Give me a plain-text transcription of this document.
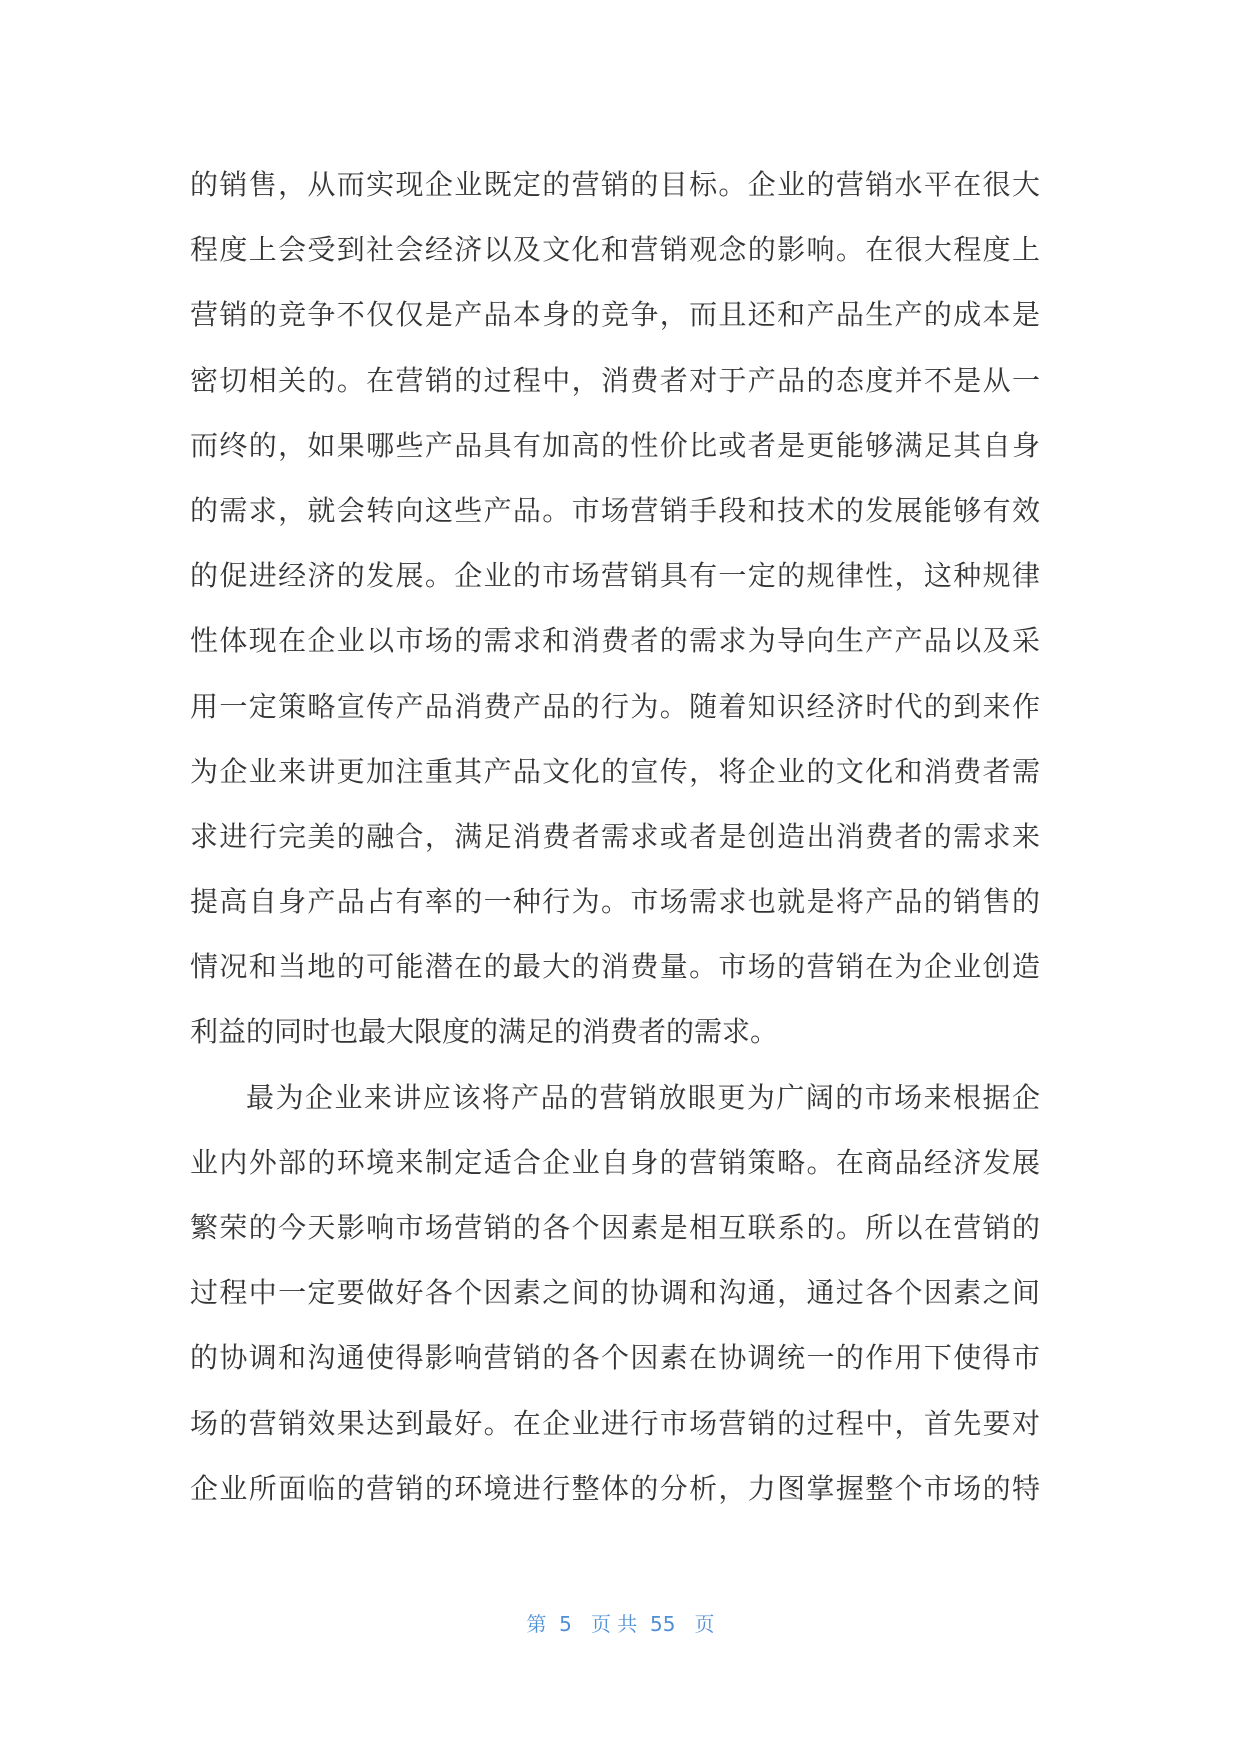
的销售，从而实现企业既定的营销的目标。企业的营销水平在很大
程度上会受到社会经济以及文化和营销观念的影响。在很大程度上
营销的竞争不仅仅是产品本身的竞争，而且还和产品生产的成本是
密切相关的。在营销的过程中，消费者对于产品的态度并不是从一
而终的，如果哪些产品具有加高的性价比或者是更能够满足其自身
的需求，就会转向这些产品。市场营销手段和技术的发展能够有效
的促进经济的发展。企业的市场营销具有一定的规律性，这种规律
性体现在企业以市场的需求和消费者的需求为导向生产产品以及采
用一定策略宣传产品消费产品的行为。随着知识经济时代的到来作
为企业来讲更加注重其产品文化的宣传，将企业的文化和消费者需
求进行完美的融合，满足消费者需求或者是创造出消费者的需求来
提高自身产品占有率的一种行为。市场需求也就是将产品的销售的
情况和当地的可能潜在的最大的消费量。市场的营销在为企业创造
利益的同时也最大限度的满足的消费者的需求。
最为企业来讲应该将产品的营销放眼更为广阔的市场来根据企
业内外部的环境来制定适合企业自身的营销策略。在商品经济发展
繁荣的今天影响市场营销的各个因素是相互联系的。所以在营销的
过程中一定要做好各个因素之间的协调和沟通，通过各个因素之间
的协调和沟通使得影响营销的各个因素在协调统一的作用下使得市
场的营销效果达到最好。在企业进行市场营销的过程中，首先要对
企业所面临的营销的环境进行整体的分析，力图掌握整个市场的特
第  5   页 共  55   页
